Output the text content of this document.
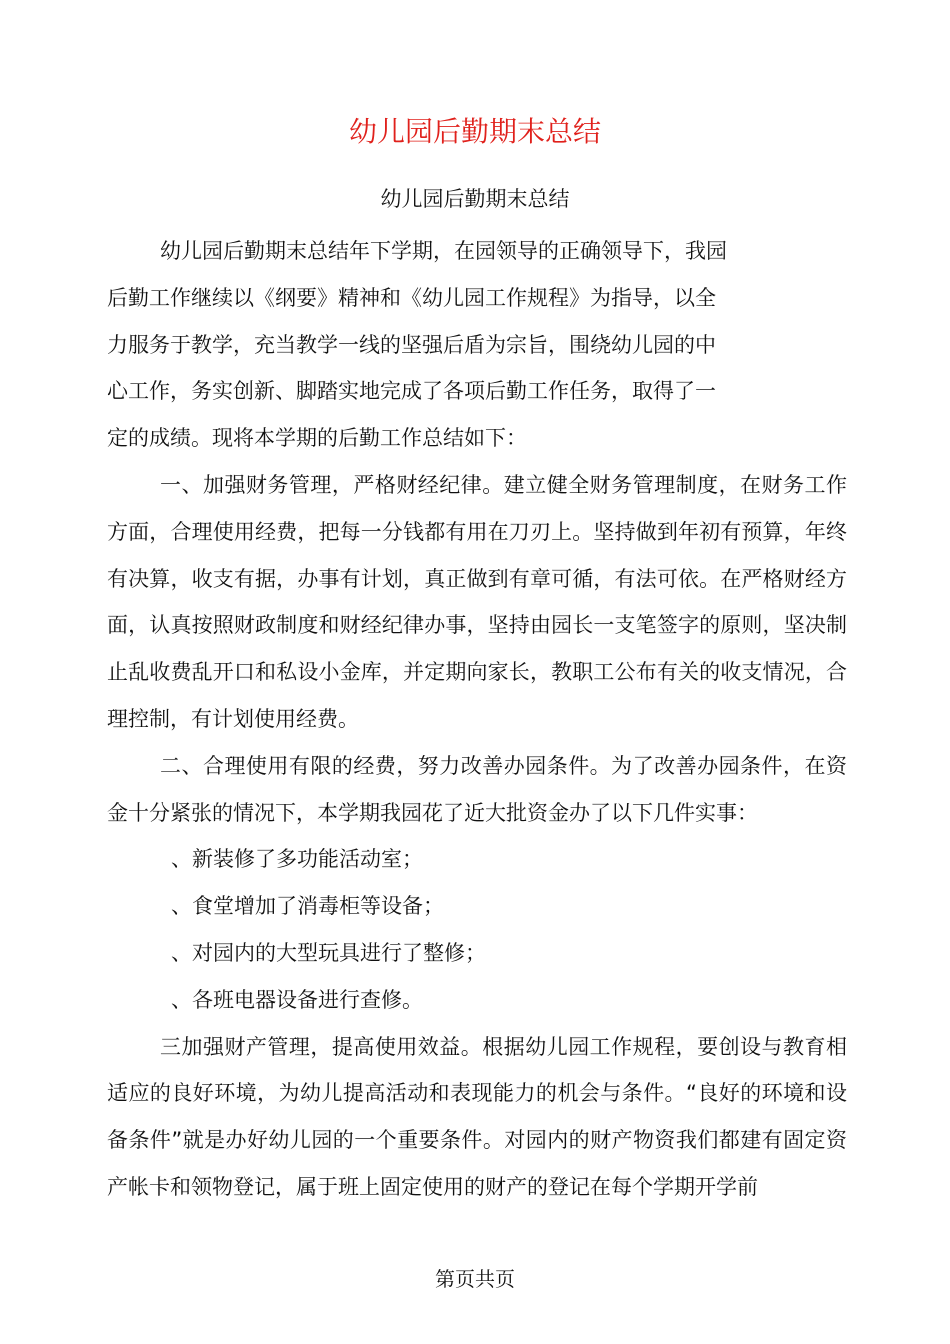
幼儿园后勤期末总结
幼儿园后勤期末总结

幼儿园后勤期末总结年下学期，在园领导的正确领导下，我园后勤工作继续以《纲要》精神和《幼儿园工作规程》为指导，以全力服务于教学，充当教学一线的坚强后盾为宗旨，围绕幼儿园的中心工作，务实创新、脚踏实地完成了各项后勤工作任务，取得了一定的成绩。现将本学期的后勤工作总结如下：

一、加强财务管理，严格财经纪律。建立健全财务管理制度，在财务工作方面，合理使用经费，把每一分钱都有用在刀刃上。坚持做到年初有预算，年终有决算，收支有据，办事有计划，真正做到有章可循，有法可依。在严格财经方面，认真按照财政制度和财经纪律办事，坚持由园长一支笔签字的原则，坚决制止乱收费乱开口和私设小金库，并定期向家长，教职工公布有关的收支情况，合理控制，有计划使用经费。

二、合理使用有限的经费，努力改善办园条件。为了改善办园条件，在资金十分紧张的情况下，本学期我园花了近大批资金办了以下几件实事：

、新装修了多功能活动室；

、食堂增加了消毒柜等设备；

、对园内的大型玩具进行了整修；

、各班电器设备进行查修。

三加强财产管理，提高使用效益。根据幼儿园工作规程，要创设与教育相适应的良好环境，为幼儿提高活动和表现能力的机会与条件。“良好的环境和设备条件”就是办好幼儿园的一个重要条件。对园内的财产物资我们都建有固定资产帐卡和领物登记，属于班上固定使用的财产的登记在每个学期开学前

第页共页
